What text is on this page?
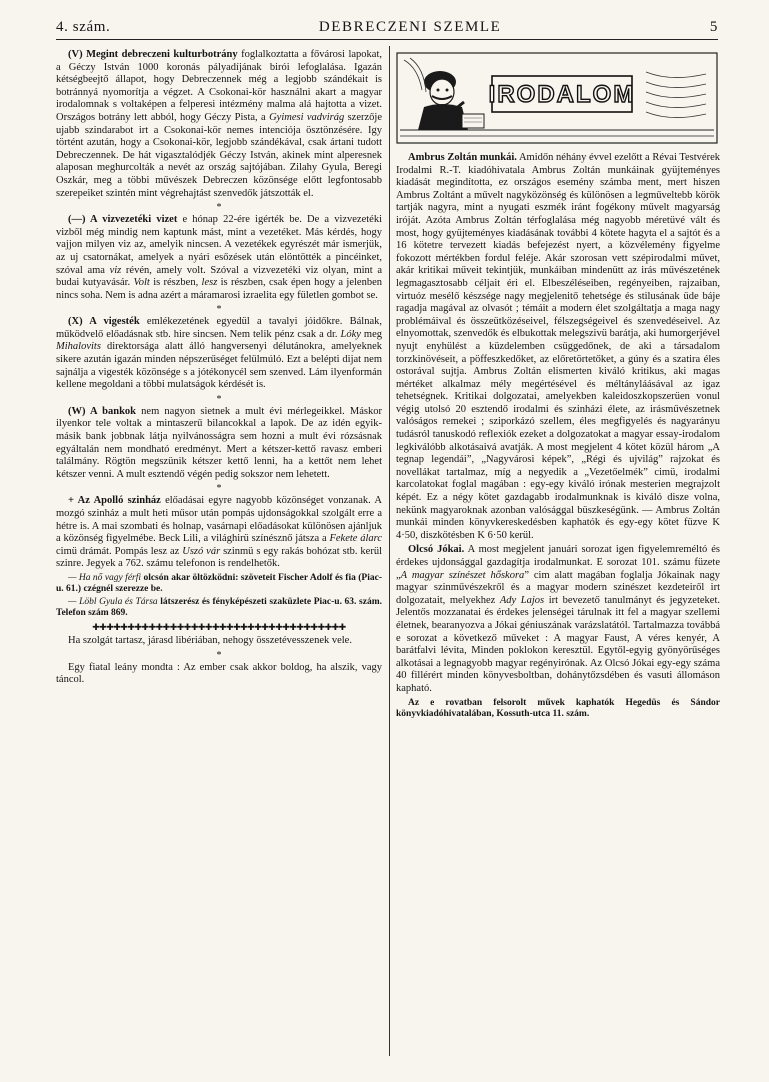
4. szám.	DEBRECZENI SZEMLE	5

(V) Megint debreczeni kulturbotrány foglalkoztatta a fővárosi lapokat, a Géczy István 1000 koronás pályadíjának birói lefoglalása. Igazán kétségbeejtő állapot, hogy Debreczennek még a legjobb szándékait is botránnyá nyomorítja a végzet. A Csokonai-kör használni akart a magyar irodalomnak s voltaképen a felperesi intézmény malma alá hajtotta a vizet. Országos botrány lett abból, hogy Géczy Pista, a Gyimesi vadvirág szerzője ujabb szindarabot irt a Csokonai-kör nemes intenciója ösztönzésére. Igy történt azután, hogy a Csokonai-kör, legjobb szándékával, csak ártani tudott Debreczennek. De hát vigasztalódjék Géczy István, akinek mint alperesnek alaposan meghurcolták a nevét az ország sajtójában. Zilahy Gyula, Beregi Oszkár, meg a többi művészek Debreczen közönsége előtt legfontosabb szerepeiket szintén mint végrehajtást szenvedők játszották el.

*

(—) A vizvezetéki vizet e hónap 22-ére igérték be. De a vizvezetéki vizből még mindig nem kaptunk mást, mint a vezetéket. Más kérdés, hogy vajjon milyen viz az, amelyik nincsen. A vezetékek egyrészét már ismerjük, az uj csatornákat, amelyek a nyári esőzések után elöntötték a pincéinket, szóval ama viz révén, amely volt. Szóval a vizvezetéki viz olyan, mint a budai kutyavásár. Volt is részben, lesz is részben, csak épen hogy a jelenben nincs soha. Nem is adna azért a máramarosi izraelita egy fületlen gombot se.

*

(X) A vigesték emlékezetének egyedül a tavalyi jóidőkre. Bálnak, működvelő előadásnak stb. hire sincsen. Nem telik pénz csak a dr. Lóky meg Mihalovits direktorsága alatt álló hangversenyi délutánokra, amelyeknek sikere azután igazán minden népszerűséget felülmúló. Ezt a belépti dijat nem sajnálja a vigesték közönsége s a jótékonycél sem szenved. Lám ilyenformán kellene megoldani a többi mulatságok kérdését is.

*

(W) A bankok nem nagyon sietnek a mult évi mérlegeikkel. Máskor ilyenkor tele voltak a mintaszerű bilancokkal a lapok. De az idén egyik-másik bank jobbnak látja nyilvánosságra sem hozni a mult évi rózsásnak egyáltalán nem mondható eredményt. Mert a kétszer-kettő ravasz emberi találmány. Rögtön megszünik kétszer kettő lenni, ha a kettőt nem lehet kétszer venni. A mult esztendő végén pedig sokszor nem lehetett.

*

+ Az Apolló szinház előadásai egyre nagyobb közönséget vonzanak. A mozgó szinház a mult heti műsor után pompás ujdonságokkal szolgált erre a hétre is. A mai szombati és holnap, vasárnapi előadásokat különösen ajánljuk a közönség figyelmébe. Beck Lili, a világhirü színésznő játsza a Fekete álarc cimü drámát. Pompás lesz az Uszó vár szinmü s egy rakás bohózat stb. kerül szinre. Jegyek a 762. számu telefonon is rendelhetők.

— Ha nő vagy férfi olcsón akar öltözködni: szöveteit Fischer Adolf és fia (Piac-u. 61.) czégnél szerezze be.

— Löbl Gyula és Társa látszerész és fényképészeti szaküzlete Piac-u. 63. szám. Telefon szám 869.

✚✚✚✚✚✚✚✚✚✚✚✚✚✚✚✚✚✚✚✚✚✚✚✚✚✚✚✚✚✚✚✚✚✚✚✚

Ha szolgát tartasz, járasd libériában, nehogy összetévesszenek vele.

*

Egy fiatal leány mondta : Az ember csak akkor boldog, ha alszik, vagy táncol.

IRODALOM

Ambrus Zoltán munkái. Amidőn néhány évvel ezelőtt a Révai Testvérek Irodalmi R.-T. kiadóhivatala Ambrus Zoltán munkáinak gyüjteményes kiadását megindította, ez országos esemény számba ment, mert hiszen Ambrus Zoltánt a művelt nagyközönség és különösen a legműveltebb körök tartják nagyra, mint a nyugati eszmék iránt fogékony művelt magyarság iróját. Azóta Ambrus Zoltán térfoglalása még nagyobb méretüvé vált és most, hogy gyüjteményes kiadásának további 4 kötete hagyta el a sajtót és a 16 kötetre tervezett kiadás befejezést nyert, a közvélemény figyelme fokozott mértékben fordul feléje. Akár szorosan vett szépirodalmi művet, akár kritikai műveit tekintjük, munkáiban mindenütt az irás művészetének legmagasztosabb céljait éri el. Elbeszéléseiben, regényeiben, rajzaiban, virtuóz mesélő készsége nagy megjelenitő tehetsége és stilusának üde báje ragadja magával az olvasót ; témáit a modern élet szolgáltatja a maga nagy problémáival és összeütközéseivel, félszegségeivel és szenvedéseivel. Az elnyomottak, szenvedők és elbukottak melegszivü barátja, aki humorgerjével nyujt enyhülést a küzdelemben csüggedőnek, de aki a társadalom torzkinövéseit, a pöffeszkedőket, az előretörtetőket, a gúny és a szatira éles ostorával sujtja. Ambrus Zoltán elismerten kiváló kritikus, aki magas mértéket alkalmaz mély megértésével és méltányláásával az igaz tehetségnek. Kritikai dolgozatai, amelyekben kaleidoszkopszerüen vonul végig utolsó 20 esztendő irodalmi és szinházi élete, az irásművészetnek valóságos remekei ; sziporkázó szellem, éles megfigyelés és nagyarányu tudásról tanuskodó reflexiók ezeket a dolgozatokat a magyar essay-irodalom legkiválóbb alkotásaivá avatják. A most megjelent 4 kötet közül három „A tegnap legendái”, „Nagyvárosi képek”, „Régi és ujvilág” rajzokat és novellákat tartalmaz, míg a negyedik a „Vezetőelmék” cimü, irodalmi karcolatokat foglal magában : egy-egy kiváló irónak mesterien megrajzolt képét. Ez a négy kötet gazdagabb irodalmunknak is kiváló disze volna, nekünk magyaroknak azonban valósággal büszkeségünk. — Ambrus Zoltán munkái minden könyvkereskedésben kaphatók és egy-egy kötet füzve K 4·50, diszkötésben K 6·50 kerül.

Olcsó Jókai. A most megjelent januári sorozat igen figyelemreméltó és érdekes ujdonsággal gazdagítja irodalmunkat. E sorozat 101. számu füzete „A magyar színészet hőskora” cim alatt magában foglalja Jókainak nagy magyar szinművészekről és a magyar modern szinészet kezdeteiről irt dolgozatait, melyekhez Ady Lajos irt bevezető tanulmányt és jegyzeteket. Jelentős mozzanatai és érdekes jelenségei tárulnak itt fel a magyar szellemi életnek, bearanyozva a Jókai géniuszának varázslatától. Tartalmazza továbbá e sorozat a következő műveket : A magyar Faust, A véres kenyér, A barátfalvi lévita, Minden poklokon keresztül. Egytől-egyig gyönyörűséges alkotásai a legnagyobb magyar regényirónak. Az Olcsó Jókai egy-egy száma 40 fillérért minden könyvesboltban, dohánytőzsdében és vasuti állomáson kapható.

Az e rovatban felsorolt művek kaphatók Hegedüs és Sándor könyvkiadóhivatalában, Kossuth-utca 11. szám.
